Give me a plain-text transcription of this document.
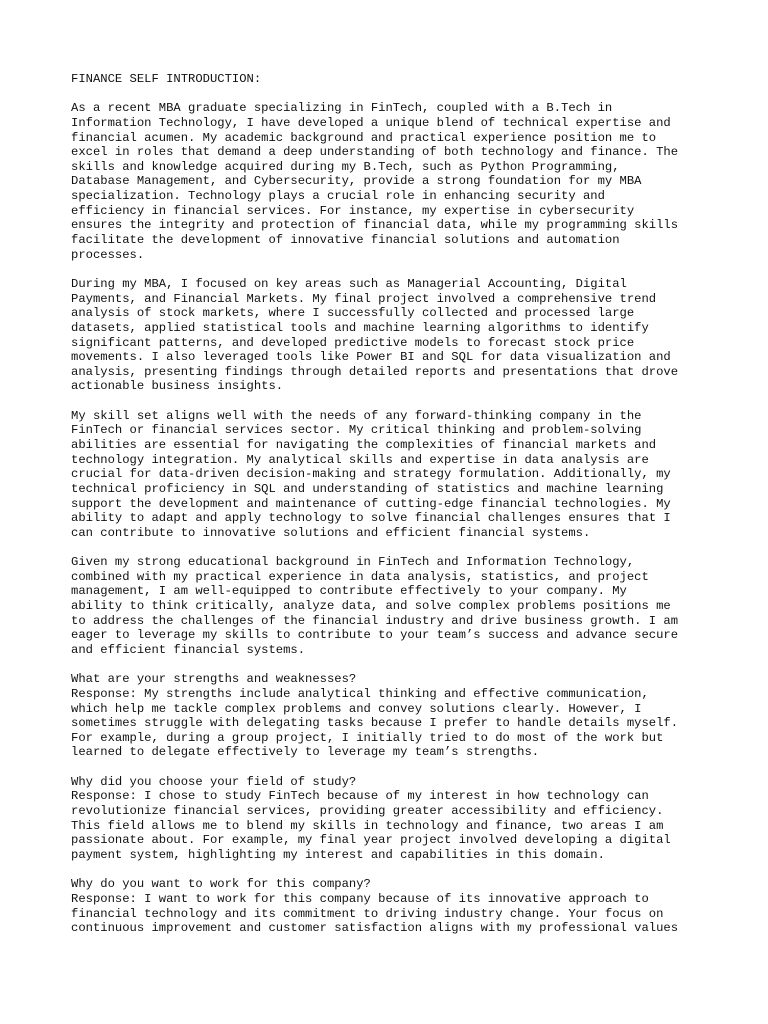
FINANCE SELF INTRODUCTION:
As a recent MBA graduate specializing in FinTech, coupled with a B.Tech in
Information Technology, I have developed a unique blend of technical expertise and
financial acumen. My academic background and practical experience position me to
excel in roles that demand a deep understanding of both technology and finance. The
skills and knowledge acquired during my B.Tech, such as Python Programming,
Database Management, and Cybersecurity, provide a strong foundation for my MBA
specialization. Technology plays a crucial role in enhancing security and
efficiency in financial services. For instance, my expertise in cybersecurity
ensures the integrity and protection of financial data, while my programming skills
facilitate the development of innovative financial solutions and automation
processes.
During my MBA, I focused on key areas such as Managerial Accounting, Digital
Payments, and Financial Markets. My final project involved a comprehensive trend
analysis of stock markets, where I successfully collected and processed large
datasets, applied statistical tools and machine learning algorithms to identify
significant patterns, and developed predictive models to forecast stock price
movements. I also leveraged tools like Power BI and SQL for data visualization and
analysis, presenting findings through detailed reports and presentations that drove
actionable business insights.
My skill set aligns well with the needs of any forward-thinking company in the
FinTech or financial services sector. My critical thinking and problem-solving
abilities are essential for navigating the complexities of financial markets and
technology integration. My analytical skills and expertise in data analysis are
crucial for data-driven decision-making and strategy formulation. Additionally, my
technical proficiency in SQL and understanding of statistics and machine learning
support the development and maintenance of cutting-edge financial technologies. My
ability to adapt and apply technology to solve financial challenges ensures that I
can contribute to innovative solutions and efficient financial systems.
Given my strong educational background in FinTech and Information Technology,
combined with my practical experience in data analysis, statistics, and project
management, I am well-equipped to contribute effectively to your company. My
ability to think critically, analyze data, and solve complex problems positions me
to address the challenges of the financial industry and drive business growth. I am
eager to leverage my skills to contribute to your team’s success and advance secure
and efficient financial systems.
What are your strengths and weaknesses?
Response: My strengths include analytical thinking and effective communication,
which help me tackle complex problems and convey solutions clearly. However, I
sometimes struggle with delegating tasks because I prefer to handle details myself.
For example, during a group project, I initially tried to do most of the work but
learned to delegate effectively to leverage my team’s strengths.
Why did you choose your field of study?
Response: I chose to study FinTech because of my interest in how technology can
revolutionize financial services, providing greater accessibility and efficiency.
This field allows me to blend my skills in technology and finance, two areas I am
passionate about. For example, my final year project involved developing a digital
payment system, highlighting my interest and capabilities in this domain.
Why do you want to work for this company?
Response: I want to work for this company because of its innovative approach to
financial technology and its commitment to driving industry change. Your focus on
continuous improvement and customer satisfaction aligns with my professional values
